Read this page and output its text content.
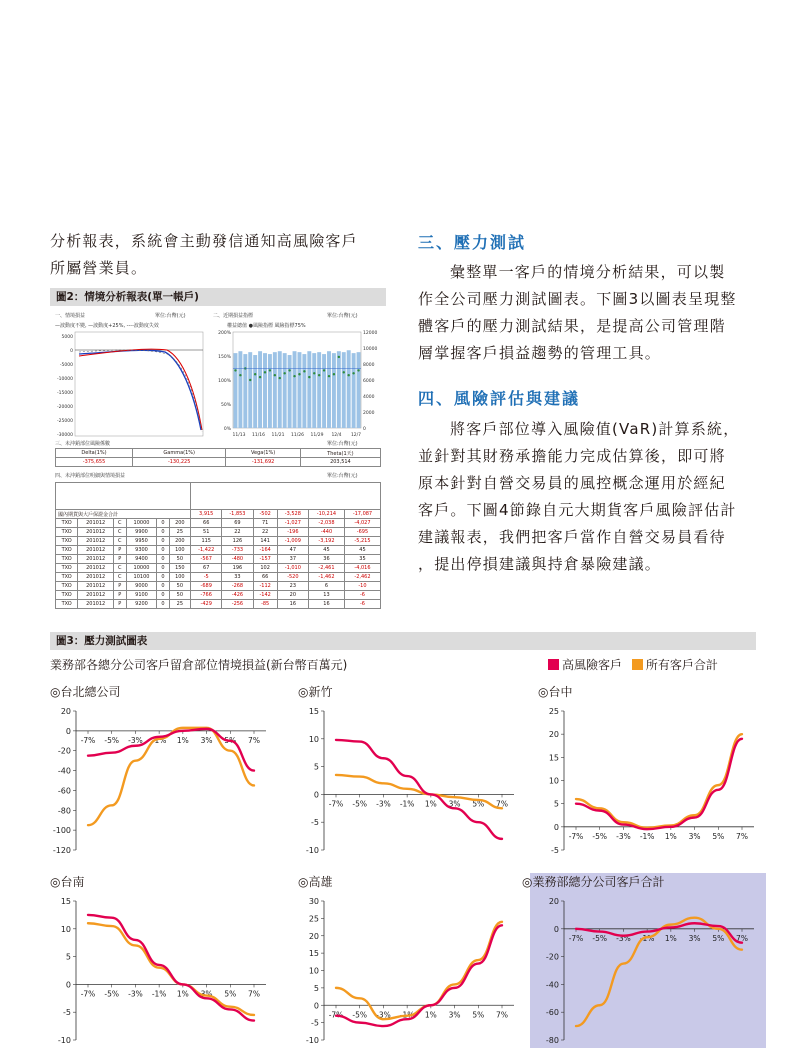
分析報表，系統會主動發信通知高風險客戶
所屬營業員。
圖2：情境分析報表(單一帳戶)
一、情境損益	單位:台幣(元)
—波動度不變, —波動度+25%, ----波動度失效
5000
0
-5000
-10000
-15000
-20000
-25000
-30000
二、近期損益指標	單位:台幣(元)
權益總值 ●風險指標 風險指標75%
200%
150%
100%
50%
0%
12000
10000
8000
6000
4000
2000
0
11/13 11/16 11/21 11/26 11/29 12/4 12/7
三、未沖銷部位風險係數	單位:台幣(元)
Delta(1%)	Gamma(1%)	Vega(1%)	Theta(1天)
-375,655	-130,225	-131,692	203,514
四、未沖銷部位明細與情境損益	單位:台幣(元)

國內期貨與大戶保證金合計						3,915	-1,853	-502	-3,528	-10,214	-17,087
TXO	201012	C	10000	0	200	66	69	71	-1,027	-2,038	-4,027
TXO	201012	C	9900	0	25	51	22	22	-196	-440	-695
TXO	201012	C	9950	0	200	115	126	141	-1,009	-3,192	-5,215
TXO	201012	P	9300	0	100	-1,422	-733	-164	47	45	45
TXO	201012	P	9400	0	50	-567	-480	-157	37	36	35
TXO	201012	C	10000	0	150	67	196	102	-1,010	-2,461	-4,016
TXO	201012	C	10100	0	100	-5	33	66	-520	-1,462	-2,462
TXO	201012	P	9000	0	50	-689	-268	-112	23	6	-10
TXO	201012	P	9100	0	50	-766	-426	-142	20	13	-6
TXO	201012	P	9200	0	25	-429	-256	-85	16	16	-6
三、壓力測試
彙整單一客戶的情境分析結果，可以製
作全公司壓力測試圖表。下圖3以圖表呈現整
體客戶的壓力測試結果，是提高公司管理階
層掌握客戶損益趨勢的管理工具。
四、風險評估與建議
將客戶部位導入風險值(VaR)計算系統，
並針對其財務承擔能力完成估算後，即可將
原本針對自營交易員的風控概念運用於經紀
客戶。下圖4節錄自元大期貨客戶風險評估計
建議報表，我們把客戶當作自營交易員看待
，提出停損建議與持倉暴險建議。
圖3：壓力測試圖表
業務部各總分公司客戶留倉部位情境損益(新台幣百萬元)	高風險客戶 所有客戶合計
◎台北總公司
20
0
-20
-40
-60
-80
-100
-120
-7% -5% -3% -1% 1% 3% 5% 7%
◎新竹
15
10
5
0
-5
-10
-7% -5% -3% -1% 1% 3% 5% 7%
◎台中
25
20
15
10
5
0
-5
-7% -5% -3% -1% 1% 3% 5% 7%
◎台南
15
10
5
0
-5
-10
-7% -5% -3% -1% 1% 3% 5% 7%
◎高雄
30
25
20
15
10
5
0
-5
-10
-7% -5% -3% -1% 1% 3% 5% 7%
◎業務部總分公司客戶合計
20
0
-20
-40
-60
-80
-7% -5% -3% -1% 1% 3% 5% 7%
